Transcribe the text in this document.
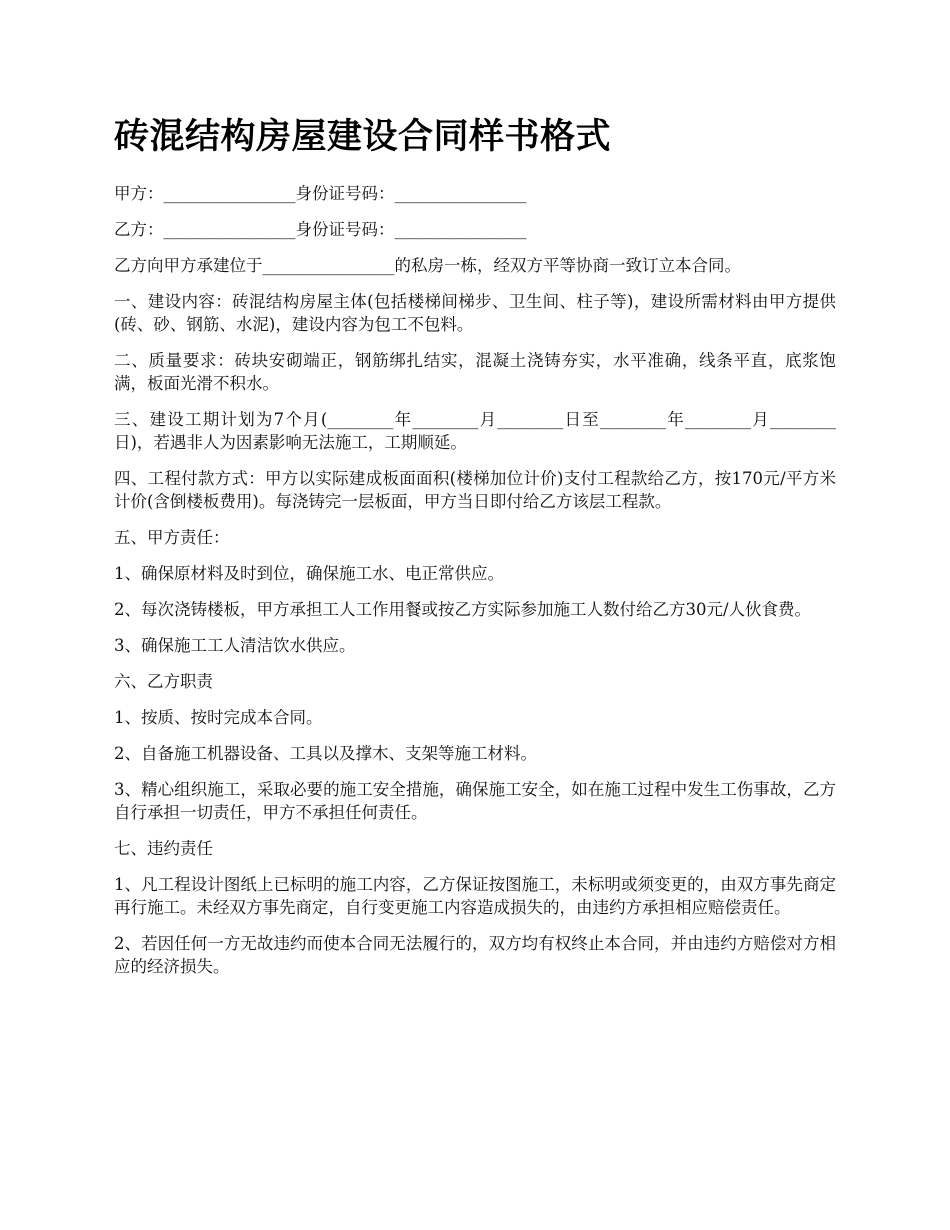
砖混结构房屋建设合同样书格式

甲方：________________身份证号码：________________

乙方：________________身份证号码：________________

乙方向甲方承建位于________________的私房一栋，经双方平等协商一致订立本合同。

一、建设内容：砖混结构房屋主体(包括楼梯间梯步、卫生间、柱子等)，建设所需材料由甲方提供(砖、砂、钢筋、水泥)，建设内容为包工不包料。

二、质量要求：砖块安砌端正，钢筋绑扎结实，混凝土浇铸夯实，水平准确，线条平直，底浆饱满，板面光滑不积水。

三、建设工期计划为7个月(________年________月________日至________年________月________日)，若遇非人为因素影响无法施工，工期顺延。

四、工程付款方式：甲方以实际建成板面面积(楼梯加位计价)支付工程款给乙方，按170元/平方米计价(含倒楼板费用)。每浇铸完一层板面，甲方当日即付给乙方该层工程款。

五、甲方责任：

1、确保原材料及时到位，确保施工水、电正常供应。

2、每次浇铸楼板，甲方承担工人工作用餐或按乙方实际参加施工人数付给乙方30元/人伙食费。

3、确保施工工人清洁饮水供应。

六、乙方职责

1、按质、按时完成本合同。

2、自备施工机器设备、工具以及撑木、支架等施工材料。

3、精心组织施工，采取必要的施工安全措施，确保施工安全，如在施工过程中发生工伤事故，乙方自行承担一切责任，甲方不承担任何责任。

七、违约责任

1、凡工程设计图纸上已标明的施工内容，乙方保证按图施工，未标明或须变更的，由双方事先商定再行施工。未经双方事先商定，自行变更施工内容造成损失的，由违约方承担相应赔偿责任。

2、若因任何一方无故违约而使本合同无法履行的，双方均有权终止本合同，并由违约方赔偿对方相应的经济损失。
